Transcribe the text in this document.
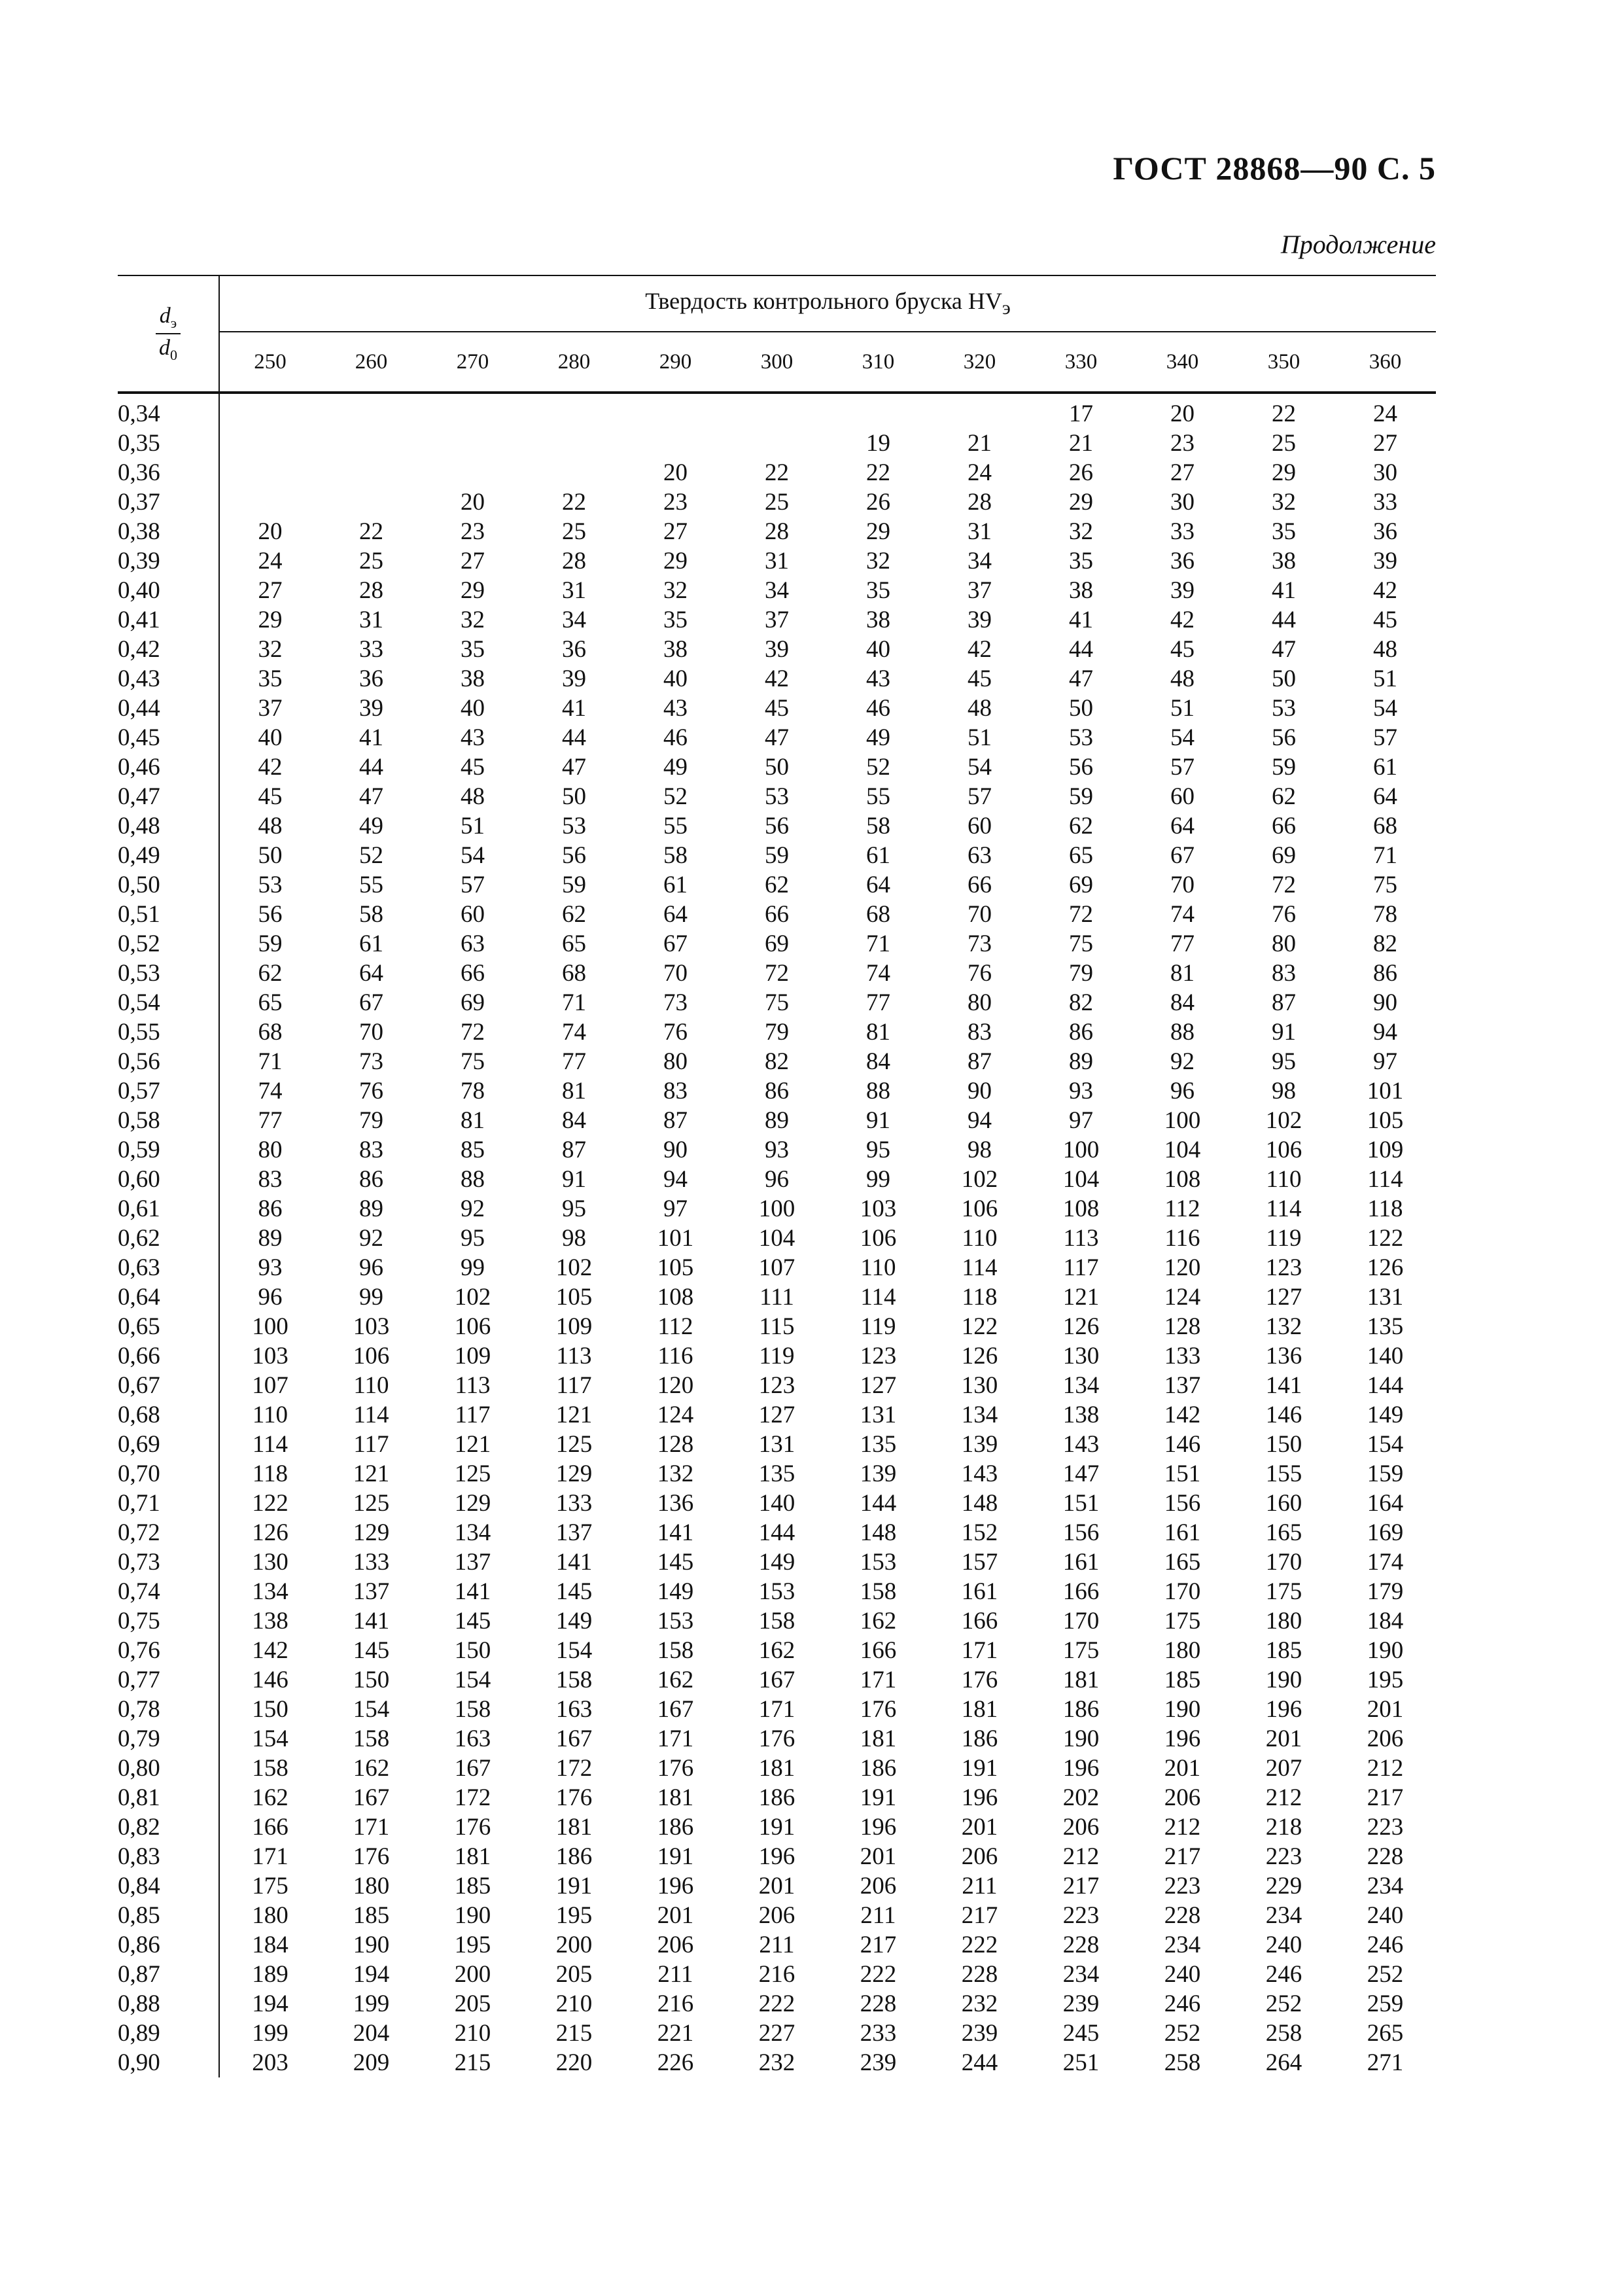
ГОСТ 28868—90 С. 5
Продолжение
$\frac{d_э}{d_0}$	Твердость контрольного бруска $HV_э$
	250	260	270	280	290	300	310	320	330	340	350	360
0,34									17	20	22	24
0,35							19	21	21	23	25	27
0,36					20	22	22	24	26	27	29	30
0,37			20	22	23	25	26	28	29	30	32	33
0,38	20	22	23	25	27	28	29	31	32	33	35	36
0,39	24	25	27	28	29	31	32	34	35	36	38	39
0,40	27	28	29	31	32	34	35	37	38	39	41	42
0,41	29	31	32	34	35	37	38	39	41	42	44	45
0,42	32	33	35	36	38	39	40	42	44	45	47	48
0,43	35	36	38	39	40	42	43	45	47	48	50	51
0,44	37	39	40	41	43	45	46	48	50	51	53	54
0,45	40	41	43	44	46	47	49	51	53	54	56	57
0,46	42	44	45	47	49	50	52	54	56	57	59	61
0,47	45	47	48	50	52	53	55	57	59	60	62	64
0,48	48	49	51	53	55	56	58	60	62	64	66	68
0,49	50	52	54	56	58	59	61	63	65	67	69	71
0,50	53	55	57	59	61	62	64	66	69	70	72	75
0,51	56	58	60	62	64	66	68	70	72	74	76	78
0,52	59	61	63	65	67	69	71	73	75	77	80	82
0,53	62	64	66	68	70	72	74	76	79	81	83	86
0,54	65	67	69	71	73	75	77	80	82	84	87	90
0,55	68	70	72	74	76	79	81	83	86	88	91	94
0,56	71	73	75	77	80	82	84	87	89	92	95	97
0,57	74	76	78	81	83	86	88	90	93	96	98	101
0,58	77	79	81	84	87	89	91	94	97	100	102	105
0,59	80	83	85	87	90	93	95	98	100	104	106	109
0,60	83	86	88	91	94	96	99	102	104	108	110	114
0,61	86	89	92	95	97	100	103	106	108	112	114	118
0,62	89	92	95	98	101	104	106	110	113	116	119	122
0,63	93	96	99	102	105	107	110	114	117	120	123	126
0,64	96	99	102	105	108	111	114	118	121	124	127	131
0,65	100	103	106	109	112	115	119	122	126	128	132	135
0,66	103	106	109	113	116	119	123	126	130	133	136	140
0,67	107	110	113	117	120	123	127	130	134	137	141	144
0,68	110	114	117	121	124	127	131	134	138	142	146	149
0,69	114	117	121	125	128	131	135	139	143	146	150	154
0,70	118	121	125	129	132	135	139	143	147	151	155	159
0,71	122	125	129	133	136	140	144	148	151	156	160	164
0,72	126	129	134	137	141	144	148	152	156	161	165	169
0,73	130	133	137	141	145	149	153	157	161	165	170	174
0,74	134	137	141	145	149	153	158	161	166	170	175	179
0,75	138	141	145	149	153	158	162	166	170	175	180	184
0,76	142	145	150	154	158	162	166	171	175	180	185	190
0,77	146	150	154	158	162	167	171	176	181	185	190	195
0,78	150	154	158	163	167	171	176	181	186	190	196	201
0,79	154	158	163	167	171	176	181	186	190	196	201	206
0,80	158	162	167	172	176	181	186	191	196	201	207	212
0,81	162	167	172	176	181	186	191	196	202	206	212	217
0,82	166	171	176	181	186	191	196	201	206	212	218	223
0,83	171	176	181	186	191	196	201	206	212	217	223	228
0,84	175	180	185	191	196	201	206	211	217	223	229	234
0,85	180	185	190	195	201	206	211	217	223	228	234	240
0,86	184	190	195	200	206	211	217	222	228	234	240	246
0,87	189	194	200	205	211	216	222	228	234	240	246	252
0,88	194	199	205	210	216	222	228	232	239	246	252	259
0,89	199	204	210	215	221	227	233	239	245	252	258	265
0,90	203	209	215	220	226	232	239	244	251	258	264	271
